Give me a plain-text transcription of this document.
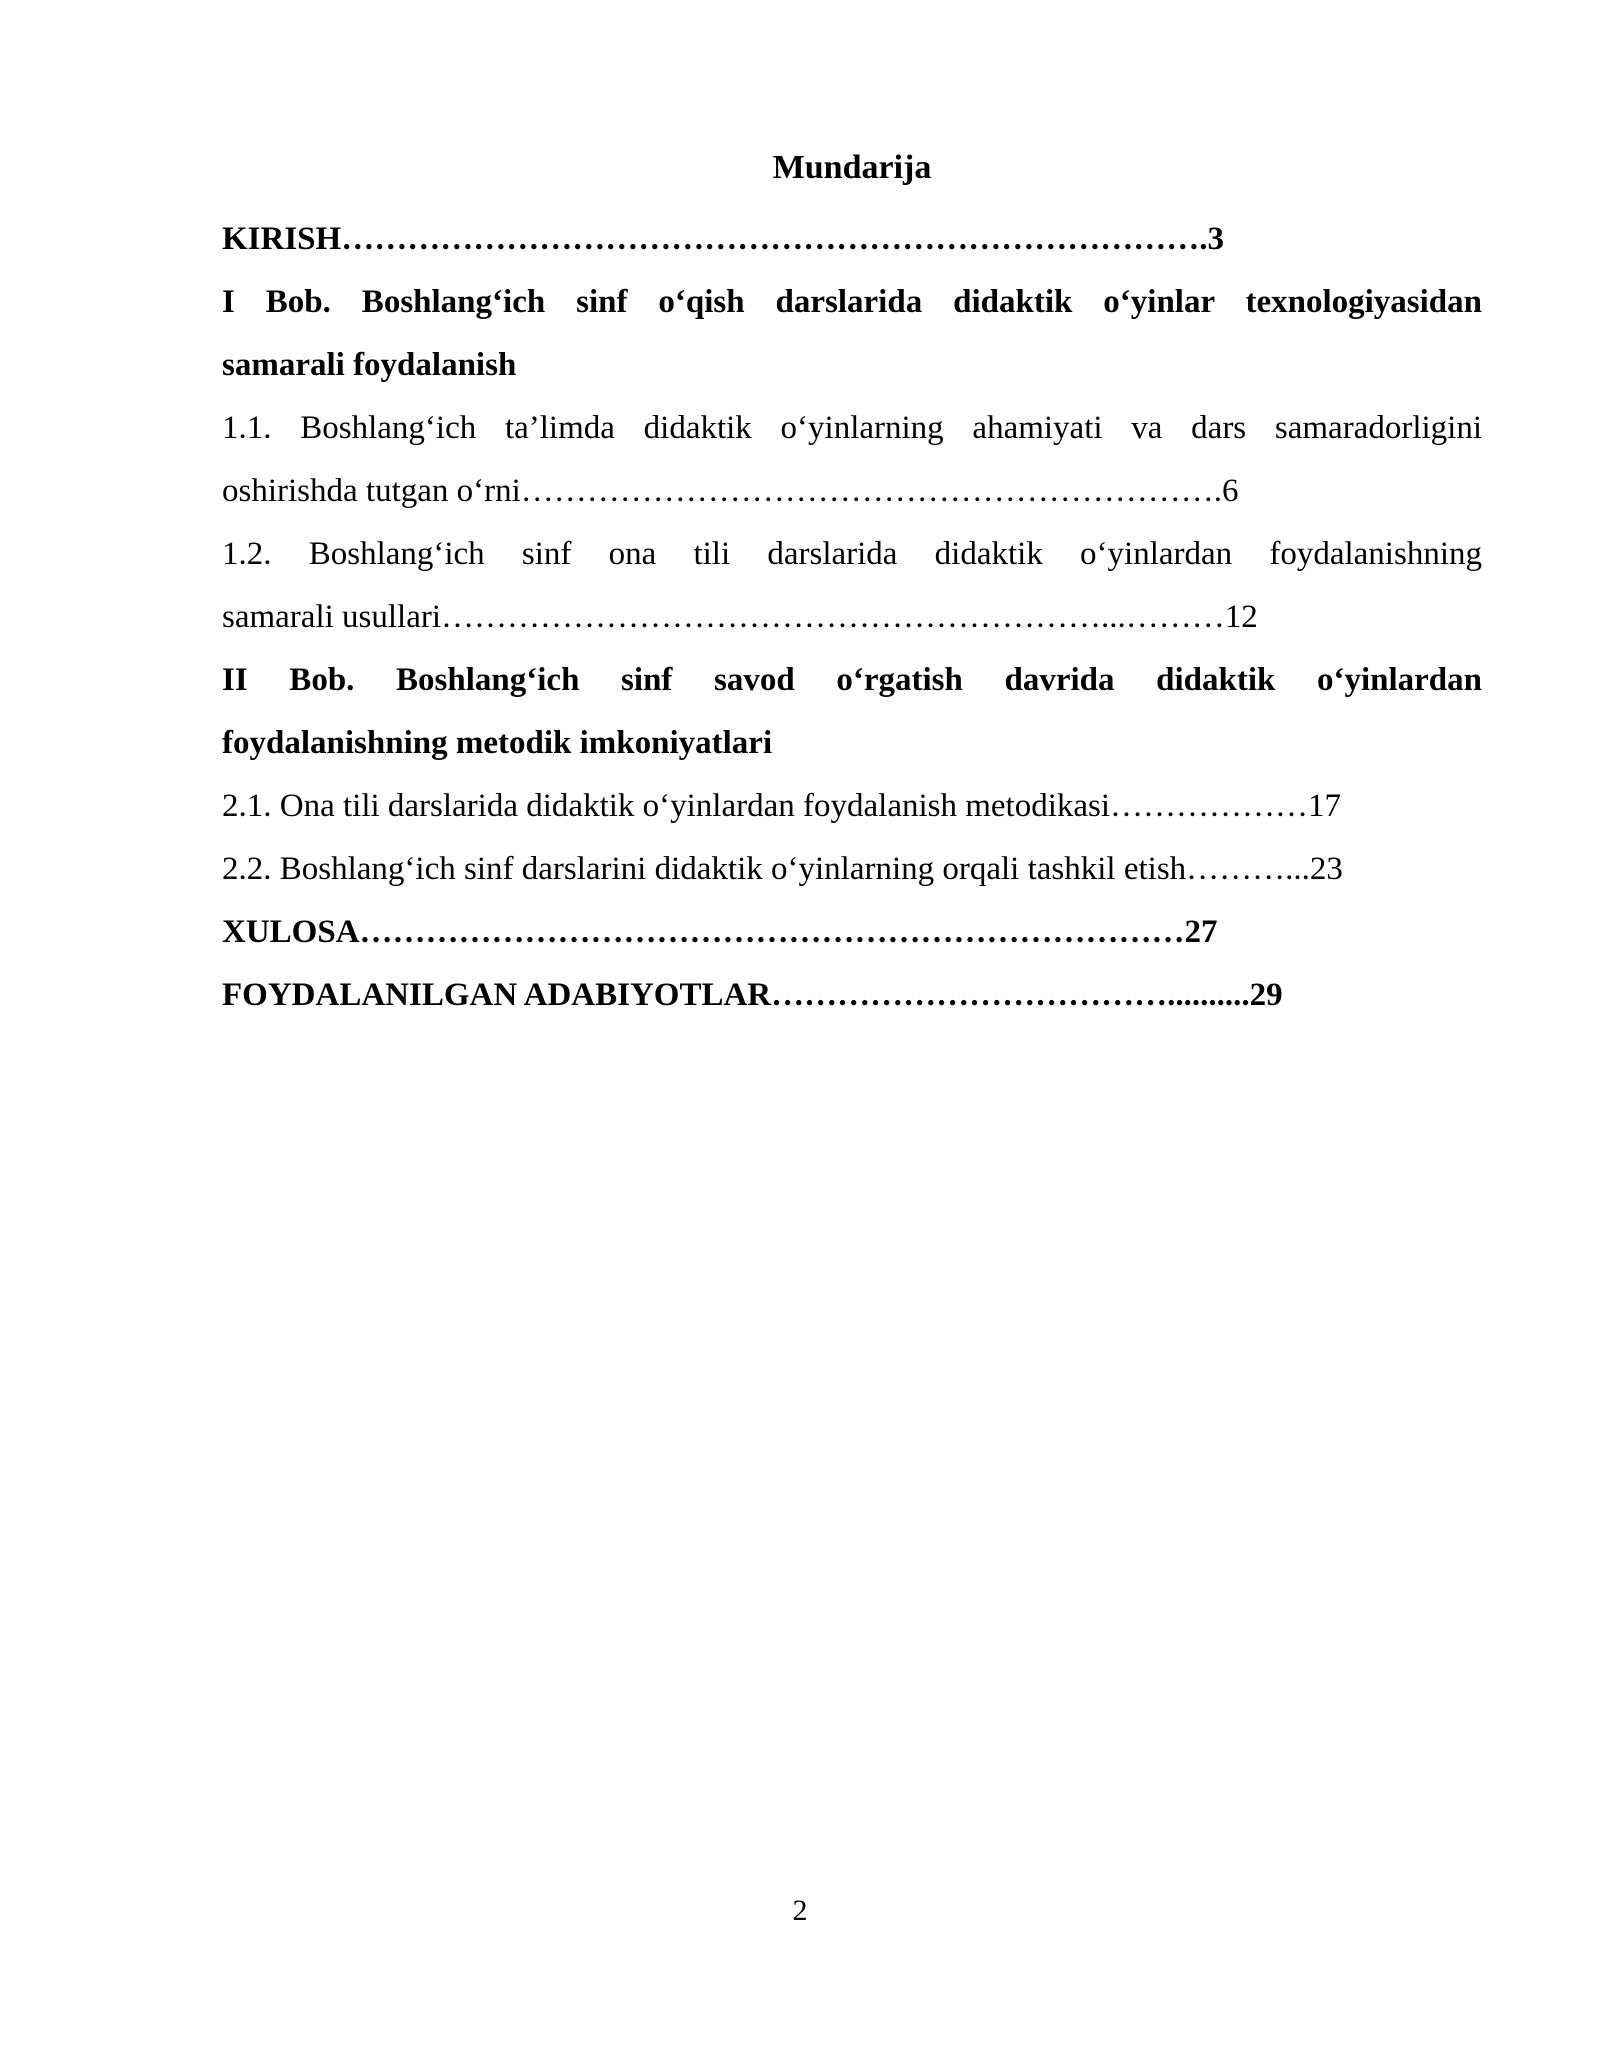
Mundarija
KIRISH…………………………………………………………………….3
I Bob. Boshlang‘ich sinf o‘qish darslarida didaktik o‘yinlar texnologiyasidan
samarali foydalanish
1.1. Boshlang‘ich ta’limda didaktik o‘yinlarning ahamiyati va dars samaradorligini
oshirishda tutgan o‘rni……………………………………………………….6
1.2. Boshlang‘ich sinf ona tili darslarida didaktik o‘yinlardan foydalanishning
samarali usullari……………………………………………………...………12
II Bob. Boshlang‘ich sinf savod o‘rgatish davrida didaktik o‘yinlardan
foydalanishning metodik imkoniyatlari
2.1. Ona tili darslarida didaktik o‘yinlardan foydalanish metodikasi………………17
2.2. Boshlang‘ich sinf darslarini didaktik o‘yinlarning orqali tashkil etish………...23
XULOSA…………………………………………………………………27
FOYDALANILGAN ADABIYOTLAR………………………………..........29
2
